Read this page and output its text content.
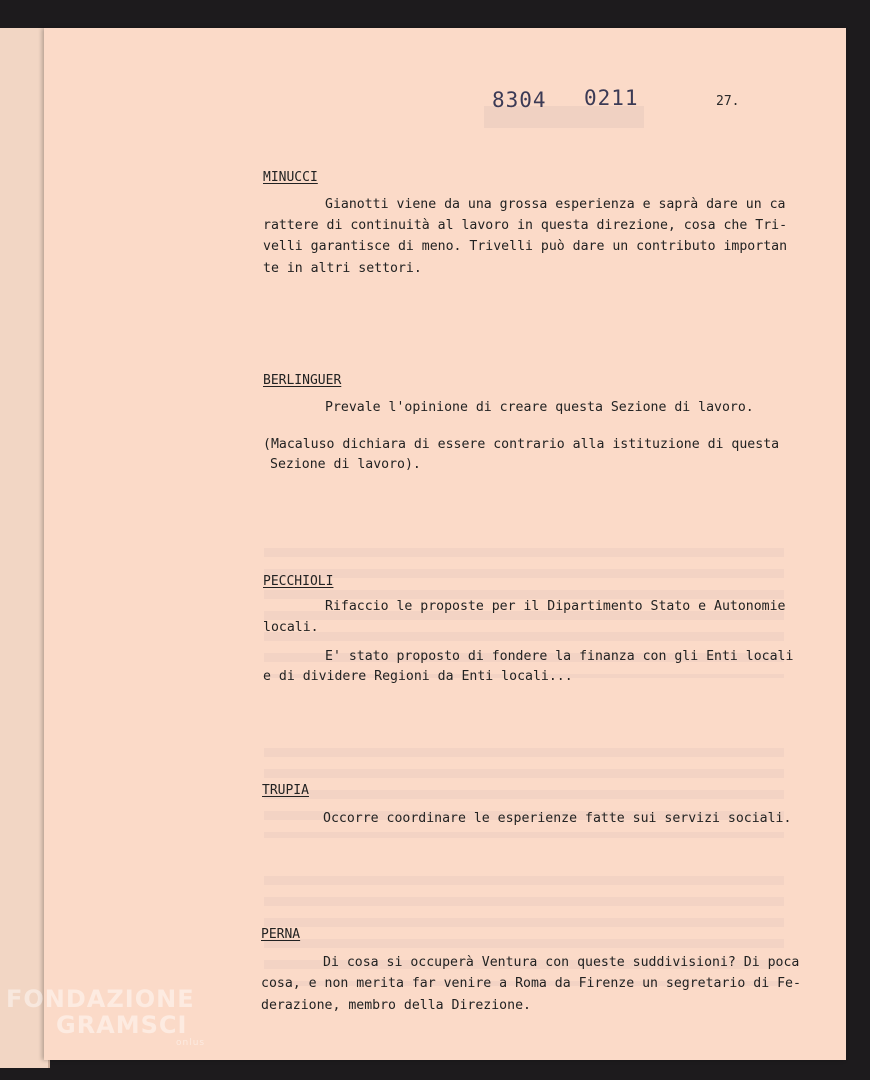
8304 0211	27.
MINUCCI
Gianotti viene da una grossa esperienza e saprà dare un ca
rattere di continuità al lavoro in questa direzione, cosa che Tri-
velli garantisce di meno. Trivelli può dare un contributo importan
te in altri settori.
BERLINGUER
Prevale l'opinione di creare questa Sezione di lavoro.
(Macaluso dichiara di essere contrario alla istituzione di questa
Sezione di lavoro).
PECCHIOLI
Rifaccio le proposte per il Dipartimento Stato e Autonomie
locali.
E' stato proposto di fondere la finanza con gli Enti locali
e di dividere Regioni da Enti locali...
TRUPIA
Occorre coordinare le esperienze fatte sui servizi sociali.
PERNA
Di cosa si occuperà Ventura con queste suddivisioni? Di poca
cosa, e non merita far venire a Roma da Firenze un segretario di Fe-
derazione, membro della Direzione.
FONDAZIONE
GRAMSCI
onlus
